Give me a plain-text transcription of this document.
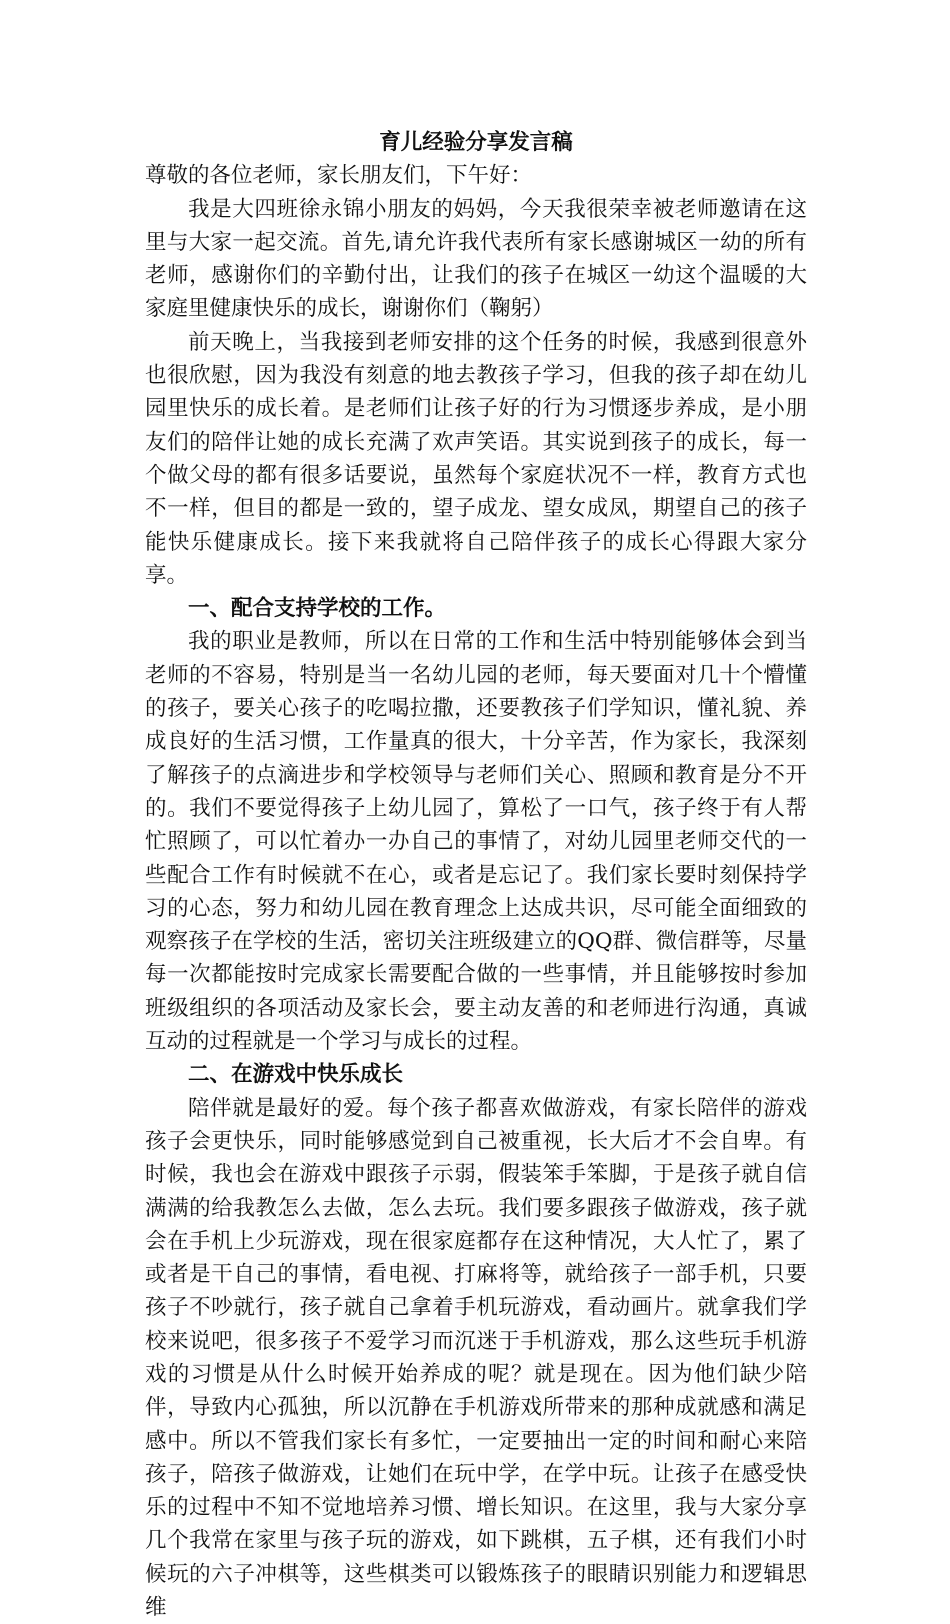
育儿经验分享发言稿

尊敬的各位老师，家长朋友们，下午好：

我是大四班徐永锦小朋友的妈妈，今天我很荣幸被老师邀请在这里与大家一起交流。首先,请允许我代表所有家长感谢城区一幼的所有老师，感谢你们的辛勤付出，让我们的孩子在城区一幼这个温暖的大家庭里健康快乐的成长，谢谢你们（鞠躬）

前天晚上，当我接到老师安排的这个任务的时候，我感到很意外也很欣慰，因为我没有刻意的地去教孩子学习，但我的孩子却在幼儿园里快乐的成长着。是老师们让孩子好的行为习惯逐步养成，是小朋友们的陪伴让她的成长充满了欢声笑语。其实说到孩子的成长，每一个做父母的都有很多话要说，虽然每个家庭状况不一样，教育方式也不一样，但目的都是一致的，望子成龙、望女成凤，期望自己的孩子能快乐健康成长。接下来我就将自己陪伴孩子的成长心得跟大家分享。

一、配合支持学校的工作。

我的职业是教师，所以在日常的工作和生活中特别能够体会到当老师的不容易，特别是当一名幼儿园的老师，每天要面对几十个懵懂的孩子，要关心孩子的吃喝拉撒，还要教孩子们学知识，懂礼貌、养成良好的生活习惯，工作量真的很大，十分辛苦，作为家长，我深刻了解孩子的点滴进步和学校领导与老师们关心、照顾和教育是分不开的。我们不要觉得孩子上幼儿园了，算松了一口气，孩子终于有人帮忙照顾了，可以忙着办一办自己的事情了，对幼儿园里老师交代的一些配合工作有时候就不在心，或者是忘记了。我们家长要时刻保持学习的心态，努力和幼儿园在教育理念上达成共识，尽可能全面细致的观察孩子在学校的生活，密切关注班级建立的QQ群、微信群等，尽量每一次都能按时完成家长需要配合做的一些事情，并且能够按时参加班级组织的各项活动及家长会，要主动友善的和老师进行沟通，真诚互动的过程就是一个学习与成长的过程。

二、在游戏中快乐成长

陪伴就是最好的爱。每个孩子都喜欢做游戏，有家长陪伴的游戏孩子会更快乐，同时能够感觉到自己被重视，长大后才不会自卑。有时候，我也会在游戏中跟孩子示弱，假装笨手笨脚，于是孩子就自信满满的给我教怎么去做，怎么去玩。我们要多跟孩子做游戏，孩子就会在手机上少玩游戏，现在很家庭都存在这种情况，大人忙了，累了或者是干自己的事情，看电视、打麻将等，就给孩子一部手机，只要孩子不吵就行，孩子就自己拿着手机玩游戏，看动画片。就拿我们学校来说吧，很多孩子不爱学习而沉迷于手机游戏，那么这些玩手机游戏的习惯是从什么时候开始养成的呢？就是现在。因为他们缺少陪伴，导致内心孤独，所以沉静在手机游戏所带来的那种成就感和满足感中。所以不管我们家长有多忙，一定要抽出一定的时间和耐心来陪孩子，陪孩子做游戏，让她们在玩中学，在学中玩。让孩子在感受快乐的过程中不知不觉地培养习惯、增长知识。在这里，我与大家分享几个我常在家里与孩子玩的游戏，如下跳棋，五子棋，还有我们小时候玩的六子冲棋等，这些棋类可以锻炼孩子的眼睛识别能力和逻辑思维
